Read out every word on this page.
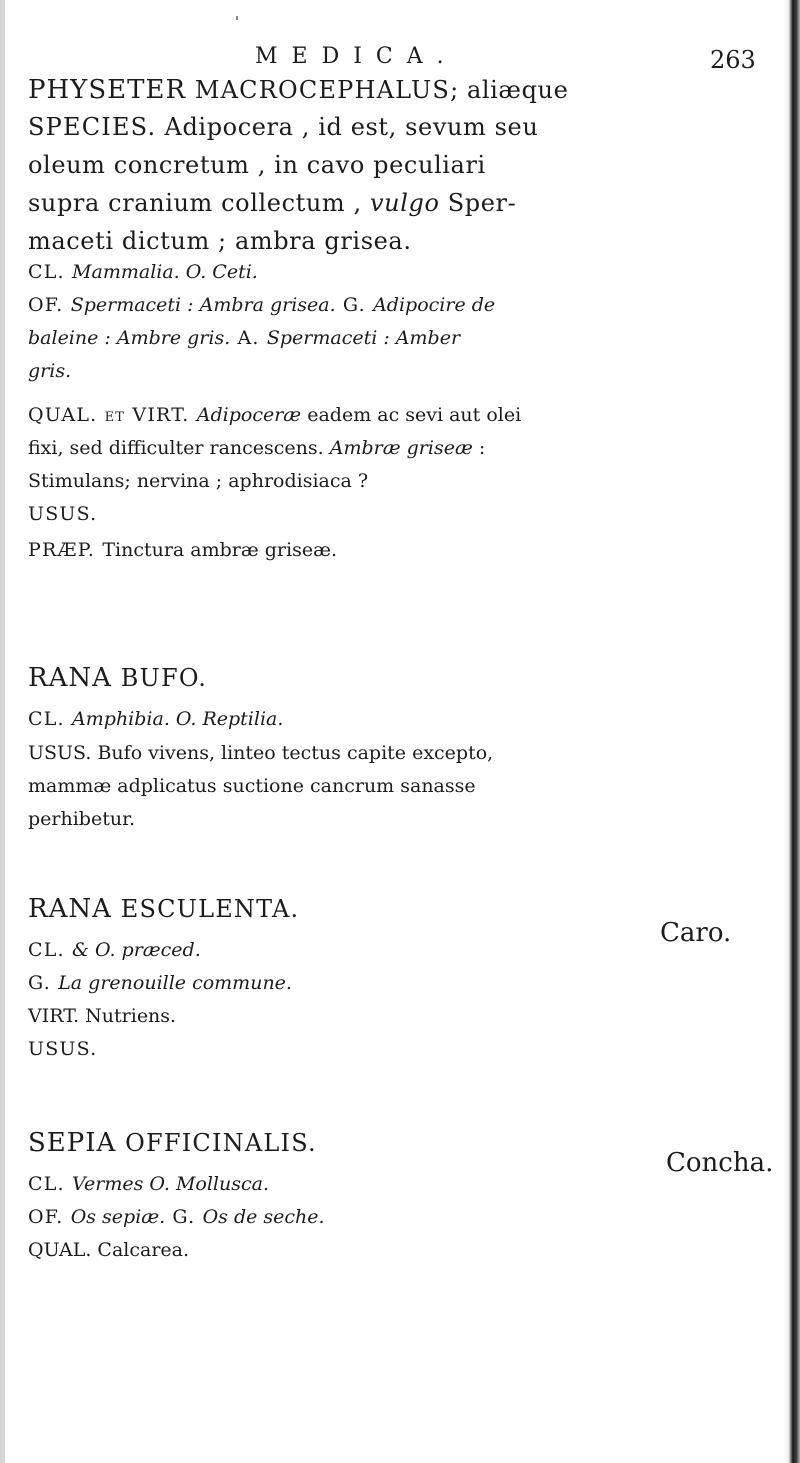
MEDICA.	263
PHYSETER MACROCEPHALUS; aliæque
SPECIES. Adipocera , id est, sevum seu
oleum concretum , in cavo peculiari
supra cranium collectum , vulgo Sper-
maceti dictum ; ambra grisea.
CL. Mammalia. O. Ceti.
OF. Spermaceti : Ambra grisea. G. Adipocire de
baleine : Ambre gris. A. Spermaceti : Amber
gris.
QUAL. et VIRT. Adipoceræ eadem ac sevi aut olei
fixi, sed difficulter rancescens. Ambræ griseæ :
Stimulans; nervina ; aphrodisiaca ?
USUS.
PRÆP. Tinctura ambræ griseæ.
RANA BUFO.
CL. Amphibia. O. Reptilia.
USUS. Bufo vivens, linteo tectus capite excepto,
mammæ adplicatus suctione cancrum sanasse
perhibetur.
RANA ESCULENTA.
CL. & O. præced.
G. La grenouille commune.
VIRT. Nutriens.
USUS.
Caro.
SEPIA OFFICINALIS.
CL. Vermes O. Mollusca.
OF. Os sepiæ. G. Os de seche.
QUAL. Calcarea.
Concha.
